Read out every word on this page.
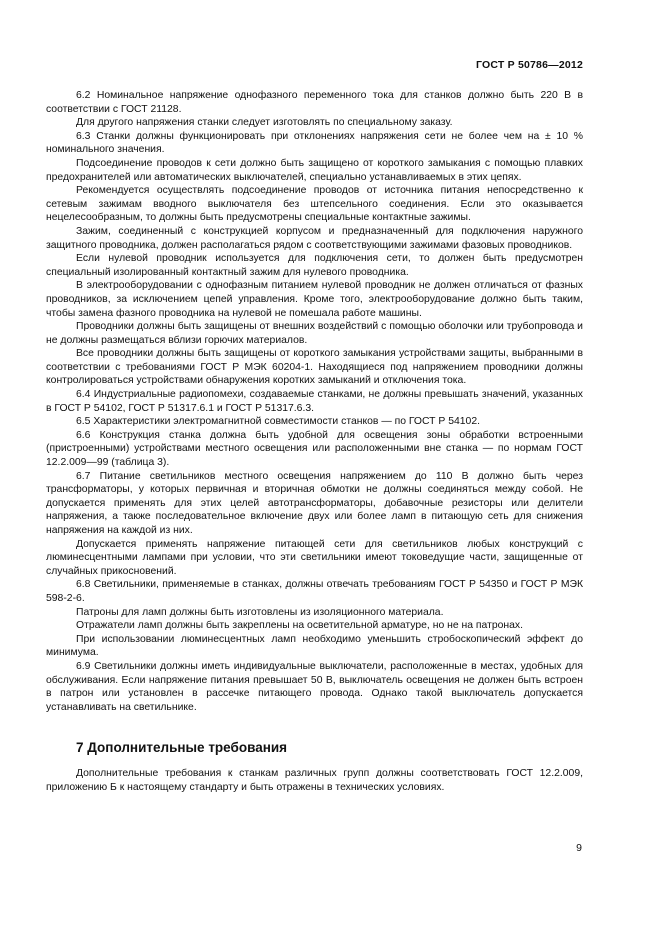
ГОСТ Р 50786—2012

6.2 Номинальное напряжение однофазного переменного тока для станков должно быть 220 В в соответствии с ГОСТ 21128.

Для другого напряжения станки следует изготовлять по специальному заказу.

6.3 Станки должны функционировать при отклонениях напряжения сети не более чем на ± 10 % номинального значения.

Подсоединение проводов к сети должно быть защищено от короткого замыкания с помощью плавких предохранителей или автоматических выключателей, специально устанавливаемых в этих цепях.

Рекомендуется осуществлять подсоединение проводов от источника питания непосредственно к сетевым зажимам вводного выключателя без штепсельного соединения. Если это оказывается нецелесообразным, то должны быть предусмотрены специальные контактные зажимы.

Зажим, соединенный с конструкцией корпусом и предназначенный для подключения наружного защитного проводника, должен располагаться рядом с соответствующими зажимами фазовых проводников.

Если нулевой проводник используется для подключения сети, то должен быть предусмотрен специальный изолированный контактный зажим для нулевого проводника.

В электрооборудовании с однофазным питанием нулевой проводник не должен отличаться от фазных проводников, за исключением цепей управления. Кроме того, электрооборудование должно быть таким, чтобы замена фазного проводника на нулевой не помешала работе машины.

Проводники должны быть защищены от внешних воздействий с помощью оболочки или трубопровода и не должны размещаться вблизи горючих материалов.

Все проводники должны быть защищены от короткого замыкания устройствами защиты, выбранными в соответствии с требованиями ГОСТ Р МЭК 60204-1. Находящиеся под напряжением проводники должны контролироваться устройствами обнаружения коротких замыканий и отключения тока.

6.4 Индустриальные радиопомехи, создаваемые станками, не должны превышать значений, указанных в ГОСТ Р 54102, ГОСТ Р 51317.6.1 и ГОСТ Р 51317.6.3.

6.5 Характеристики электромагнитной совместимости станков — по ГОСТ Р 54102.

6.6 Конструкция станка должна быть удобной для освещения зоны обработки встроенными (пристроенными) устройствами местного освещения или расположенными вне станка — по нормам ГОСТ 12.2.009—99 (таблица 3).

6.7 Питание светильников местного освещения напряжением до 110 В должно быть через трансформаторы, у которых первичная и вторичная обмотки не должны соединяться между собой. Не допускается применять для этих целей автотрансформаторы, добавочные резисторы или делители напряжения, а также последовательное включение двух или более ламп в питающую сеть для снижения напряжения на каждой из них.

Допускается применять напряжение питающей сети для светильников любых конструкций с люминесцентными лампами при условии, что эти светильники имеют токоведущие части, защищенные от случайных прикосновений.

6.8 Светильники, применяемые в станках, должны отвечать требованиям ГОСТ Р 54350 и ГОСТ Р МЭК 598-2-6.

Патроны для ламп должны быть изготовлены из изоляционного материала.

Отражатели ламп должны быть закреплены на осветительной арматуре, но не на патронах.

При использовании люминесцентных ламп необходимо уменьшить стробоскопический эффект до минимума.

6.9 Светильники должны иметь индивидуальные выключатели, расположенные в местах, удобных для обслуживания. Если напряжение питания превышает 50 В, выключатель освещения не должен быть встроен в патрон или установлен в рассечке питающего провода. Однако такой выключатель допускается устанавливать на светильнике.

7 Дополнительные требования

Дополнительные требования к станкам различных групп должны соответствовать ГОСТ 12.2.009, приложению Б к настоящему стандарту и быть отражены в технических условиях.

9
